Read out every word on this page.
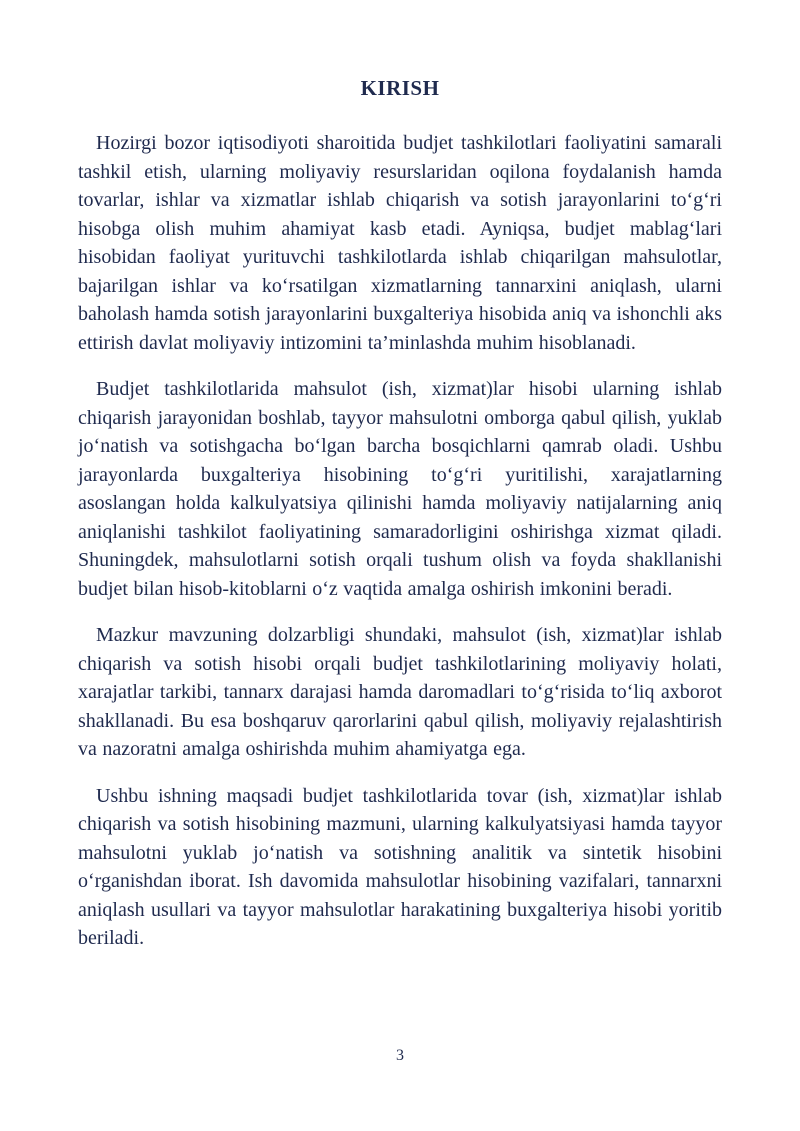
KIRISH

Hozirgi bozor iqtisodiyoti sharoitida budjet tashkilotlari faoliyatini samarali tashkil etish, ularning moliyaviy resurslaridan oqilona foydalanish hamda tovarlar, ishlar va xizmatlar ishlab chiqarish va sotish jarayonlarini to‘g‘ri hisobga olish muhim ahamiyat kasb etadi. Ayniqsa, budjet mablag‘lari hisobidan faoliyat yurituvchi tashkilotlarda ishlab chiqarilgan mahsulotlar, bajarilgan ishlar va ko‘rsatilgan xizmatlarning tannarxini aniqlash, ularni baholash hamda sotish jarayonlarini buxgalteriya hisobida aniq va ishonchli aks ettirish davlat moliyaviy intizomini ta’minlashda muhim hisoblanadi.

Budjet tashkilotlarida mahsulot (ish, xizmat)lar hisobi ularning ishlab chiqarish jarayonidan boshlab, tayyor mahsulotni omborga qabul qilish, yuklab jo‘natish va sotishgacha bo‘lgan barcha bosqichlarni qamrab oladi. Ushbu jarayonlarda buxgalteriya hisobining to‘g‘ri yuritilishi, xarajatlarning asoslangan holda kalkulyatsiya qilinishi hamda moliyaviy natijalarning aniq aniqlanishi tashkilot faoliyatining samaradorligini oshirishga xizmat qiladi. Shuningdek, mahsulotlarni sotish orqali tushum olish va foyda shakllanishi budjet bilan hisob-kitoblarni o‘z vaqtida amalga oshirish imkonini beradi.

Mazkur mavzuning dolzarbligi shundaki, mahsulot (ish, xizmat)lar ishlab chiqarish va sotish hisobi orqali budjet tashkilotlarining moliyaviy holati, xarajatlar tarkibi, tannarx darajasi hamda daromadlari to‘g‘risida to‘liq axborot shakllanadi. Bu esa boshqaruv qarorlarini qabul qilish, moliyaviy rejalashtirish va nazoratni amalga oshirishda muhim ahamiyatga ega.

Ushbu ishning maqsadi budjet tashkilotlarida tovar (ish, xizmat)lar ishlab chiqarish va sotish hisobining mazmuni, ularning kalkulyatsiyasi hamda tayyor mahsulotni yuklab jo‘natish va sotishning analitik va sintetik hisobini o‘rganishdan iborat. Ish davomida mahsulotlar hisobining vazifalari, tannarxni aniqlash usullari va tayyor mahsulotlar harakatining buxgalteriya hisobi yoritib beriladi.

3
